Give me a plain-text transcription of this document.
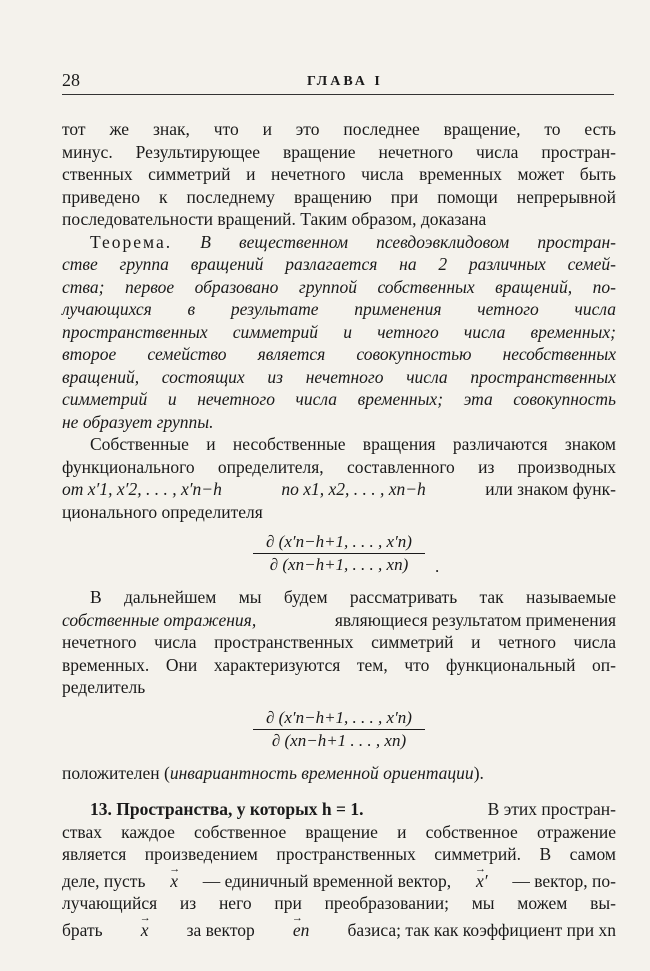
28	ГЛАВА I
тот же знак, что и это последнее вращение, то есть
минус. Результирующее вращение нечетного числа простран-
ственных симметрий и нечетного числа временных может быть
приведено к последнему вращению при помощи непрерывной
последовательности вращений. Таким образом, доказана
Теорема. В вещественном псевдоэвклидовом простран-
стве группа вращений разлагается на 2 различных семей-
ства; первое образовано группой собственных вращений, по-
лучающихся в результате применения четного числа
пространственных симметрий и четного числа временных;
второе семейство является совокупностью несобственных
вращений, состоящих из нечетного числа пространственных
симметрий и нечетного числа временных; эта совокупность
не образует группы.
Собственные и несобственные вращения различаются знаком
функционального определителя, составленного из производных
от x′1, x′2, . . . , x′n−h	по x1, x2, . . . , xn−h	или знаком функ-
ционального определителя
∂ (x′n−h+1, . . . , x′n)
∂ (xn−h+1, . . . , xn)	.
В дальнейшем мы будем рассматривать так называемые
собственные отражения,	являющиеся результатом применения
нечетного числа пространственных симметрий и четного числа
временных. Они характеризуются тем, что функциональный оп-
ределитель
∂ (x′n−h+1, . . . , x′n)
∂ (xn−h+1 . . . , xn)
положителен (инвариантность временной ориентации).
13. Пространства, у которых h = 1.	В этих простран-
ствах каждое собственное вращение и собственное отражение
является произведением пространственных симметрий. В самом
деле, пусть → x — единичный временной вектор, → x′ — вектор, по-
лучающийся из него при преобразовании; мы можем вы-
брать → x за вектор → en базиса; так как коэффициент при xn
